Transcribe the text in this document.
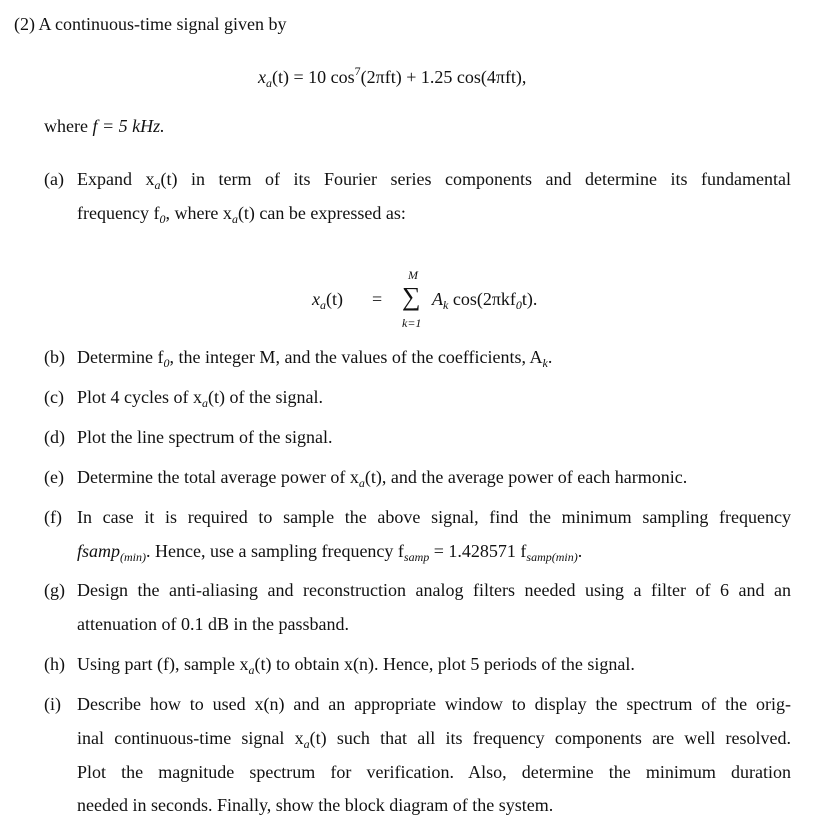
(2) A continuous-time signal given by
$x_a(t) = 10$ $\cos^7(2\pi ft) + 1.25$ cos(4πft),
where f = 5 kHz.
(a) Expand $x_a(t)$ in term of its Fourier series components and determine its fundamental
frequency $f_0$, where $x_a(t)$ can be expressed as:
$x_a(t)$ =
M
∑
k=1
$A_k$ cos(2πkf$_0$t).
(b) Determine $f_0$, the integer M, and the values of the coefficients, $A_k$.
(c) Plot 4 cycles of $x_a(t)$ of the signal.
(d) Plot the line spectrum of the signal.
(e) Determine the total average power of $x_a(t)$, and the average power of each harmonic.
(f) In case it is required to sample the above signal, find the minimum sampling frequency
fsamp$_{(min)}$. Hence, use a sampling frequency $f_{samp} = 1.428571$ $f_{samp(min)}$.
(g) Design the anti-aliasing and reconstruction analog filters needed using a filter of 6 and an
attenuation of 0.1 dB in the passband.
(h) Using part (f), sample $x_a(t)$ to obtain x(n). Hence, plot 5 periods of the signal.
(i) Describe how to used x(n) and an appropriate window to display the spectrum of the orig-
inal continuous-time signal $x_a(t)$ such that all its frequency components are well resolved.
Plot the magnitude spectrum for verification. Also, determine the minimum duration
needed in seconds. Finally, show the block diagram of the system.
